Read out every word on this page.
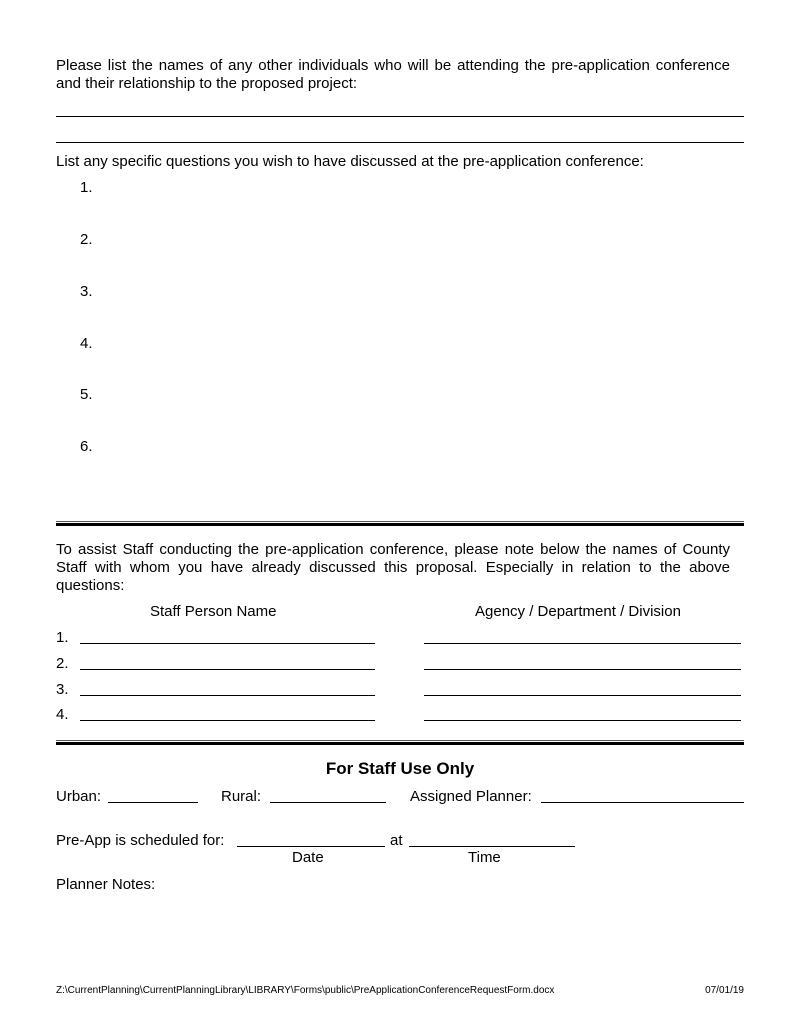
Please list the names of any other individuals who will be attending the pre-application conference and their relationship to the proposed project:
List any specific questions you wish to have discussed at the pre-application conference:
1.
2.
3.
4.
5.
6.
To assist Staff conducting the pre-application conference, please note below the names of County Staff with whom you have already discussed this proposal. Especially in relation to the above questions:
Staff Person Name	Agency / Department / Division
1.
2.
3.
4.
For Staff Use Only
Urban:	Rural:	Assigned Planner:
Pre-App is scheduled for:	at
Date	Time
Planner Notes:
Z:\CurrentPlanning\CurrentPlanningLibrary\LIBRARY\Forms\public\PreApplicationConferenceRequestForm.docx	07/01/19
